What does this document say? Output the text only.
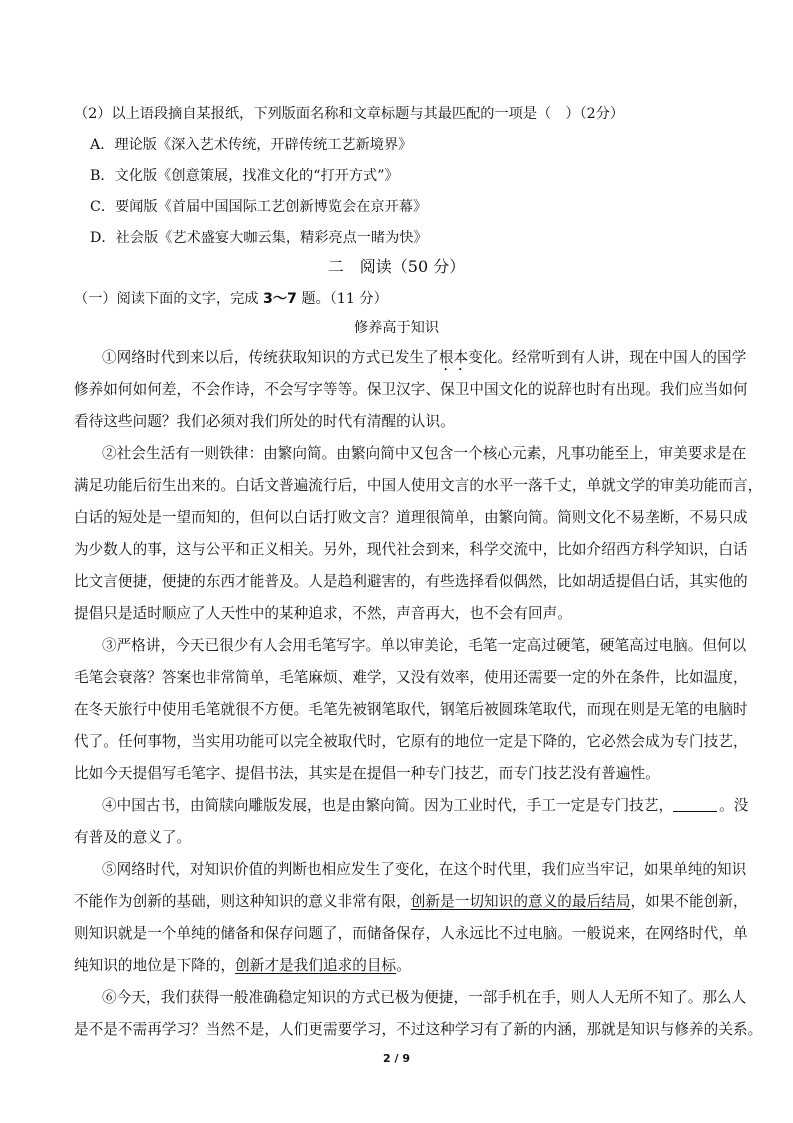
（2）以上语段摘自某报纸，下列版面名称和文章标题与其最匹配的一项是（　）（2分）
A．理论版《深入艺术传统，开辟传统工艺新境界》
B．文化版《创意策展，找准文化的“打开方式”》
C．要闻版《首届中国国际工艺创新博览会在京开幕》
D．社会版《艺术盛宴大咖云集，精彩亮点一睹为快》
二　阅读（50 分）
（一）阅读下面的文字，完成 3～7 题。（11 分）
修养高于知识
①网络时代到来以后，传统获取知识的方式已发生了根本变化。经常听到有人讲，现在中国人的国学
修养如何如何差，不会作诗，不会写字等等。保卫汉字、保卫中国文化的说辞也时有出现。我们应当如何
看待这些问题？我们必须对我们所处的时代有清醒的认识。
②社会生活有一则铁律：由繁向简。由繁向简中又包含一个核心元素，凡事功能至上，审美要求是在
满足功能后衍生出来的。白话文普遍流行后，中国人使用文言的水平一落千丈，单就文学的审美功能而言，
白话的短处是一望而知的，但何以白话打败文言？道理很简单，由繁向简。简则文化不易垄断，不易只成
为少数人的事，这与公平和正义相关。另外，现代社会到来，科学交流中，比如介绍西方科学知识，白话
比文言便捷，便捷的东西才能普及。人是趋利避害的，有些选择看似偶然，比如胡适提倡白话，其实他的
提倡只是适时顺应了人天性中的某种追求，不然，声音再大，也不会有回声。
③严格讲，今天已很少有人会用毛笔写字。单以审美论，毛笔一定高过硬笔，硬笔高过电脑。但何以
毛笔会衰落？答案也非常简单，毛笔麻烦、难学，又没有效率，使用还需要一定的外在条件，比如温度，
在冬天旅行中使用毛笔就很不方便。毛笔先被钢笔取代，钢笔后被圆珠笔取代，而现在则是无笔的电脑时
代了。任何事物，当实用功能可以完全被取代时，它原有的地位一定是下降的，它必然会成为专门技艺，
比如今天提倡写毛笔字、提倡书法，其实是在提倡一种专门技艺，而专门技艺没有普遍性。
④中国古书，由简牍向雕版发展，也是由繁向简。因为工业时代，手工一定是专门技艺，	。没
有普及的意义了。
⑤网络时代，对知识价值的判断也相应发生了变化，在这个时代里，我们应当牢记，如果单纯的知识
不能作为创新的基础，则这种知识的意义非常有限，创新是一切知识的意义的最后结局，如果不能创新，
则知识就是一个单纯的储备和保存问题了，而储备保存，人永远比不过电脑。一般说来，在网络时代，单
纯知识的地位是下降的，创新才是我们追求的目标。
⑥今天，我们获得一般准确稳定知识的方式已极为便捷，一部手机在手，则人人无所不知了。那么人
是不是不需再学习？当然不是，人们更需要学习，不过这种学习有了新的内涵，那就是知识与修养的关系。
2 / 9
